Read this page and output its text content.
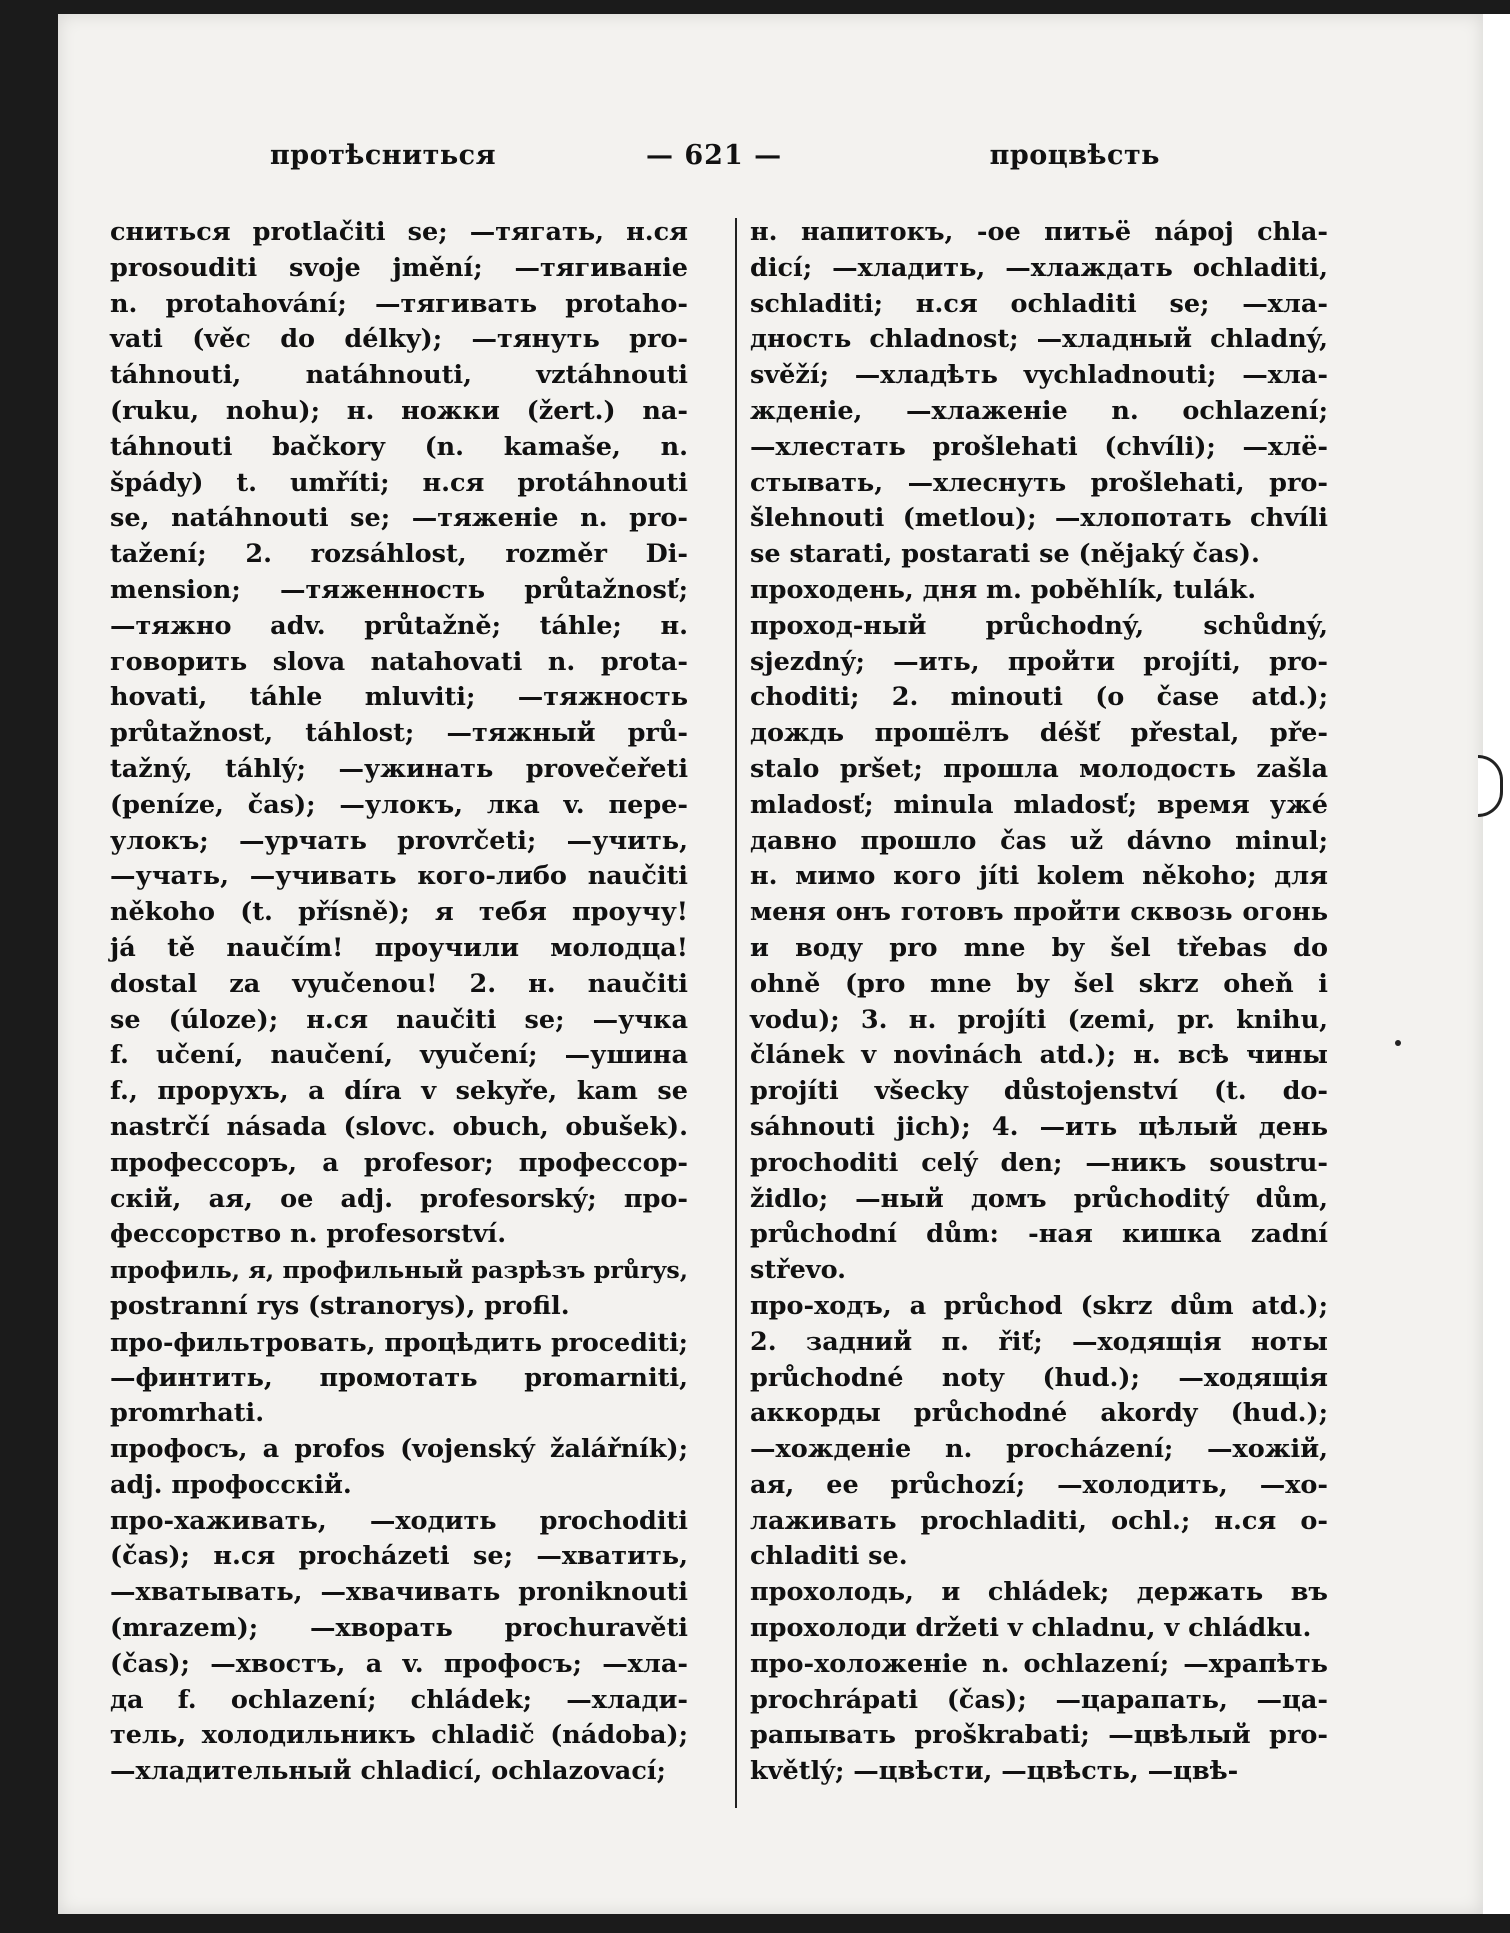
протѣсниться	— 621 —	процвѣсть
сниться protlačiti se; —тягать, н.ся
prosouditi svoje jmění; —тягиванiе
n. protahování; —тягивать protaho-
vati (věc do délky); —тянуть pro-
táhnouti, natáhnouti, vztáhnouti
(ruku, nohu); н. ножки (žert.) na-
táhnouti bačkory (n. kamaše, n.
špády) t. umříti; н.ся protáhnouti
se, natáhnouti se; —тяженiе n. pro-
tažení; 2. rozsáhlost, rozměr Di-
mension; —тяженность průtažnosť;
—тяжно adv. průtažně; táhle; н.
говорить slova natahovati n. prota-
hovati, táhle mluviti; —тяжность
průtažnost, táhlost; —тяжный prů-
tažný, táhlý; —ужинать provečeřeti
(peníze, čas); —улокъ, лка v. пере-
улокъ; —урчать provrčeti; —учить,
—учать, —учивать кого-либо naučiti
někoho (t. přísně); я тебя проучу!
já tě naučím! проучили молодца!
dostal za vyučenou! 2. н. naučiti
se (úloze); н.ся naučiti se; —учка
f. učení, naučení, vyučení; —ушина
f., прорухъ, a díra v sekyře, kam se
nastrčí násada (slovc. obuch, obušek).
профессоръ, a profesor; профессор-
скiй, ая, ое adj. profesorský; про-
фессорство n. profesorství.
профиль, я, профильный разрѣзъ průrys,
postranní rys (stranorys), profil.
про-фильтровать, процѣдить procediti;
—финтить, промотать promarniti,
promrhati.
профосъ, a profos (vojenský žalářník);
adj. профосскiй.
про-хаживать, —ходить prochoditi
(čas); н.ся procházeti se; —хватить,
—хватывать, —хвачивать proniknouti
(mrazem); —хворать prochuravěti
(čas); —хвостъ, a v. профосъ; —хла-
да f. ochlazení; chládek; —хлади-
тель, холодильникъ chladič (nádoba);
—хладительный chladicí, ochlazovací;
н. напитокъ, -ое питьё nápoj chla-
dicí; —хладить, —хлаждать ochladiti,
schladiti; н.ся ochladiti se; —хла-
дность chladnost; —хладный chladný,
svěží; —хладѣть vychladnouti; —хла-
жденiе, —хлаженiе n. ochlazení;
—хлестать prošlehati (chvíli); —хлё-
стывать, —хлеснуть prošlehati, pro-
šlehnouti (metlou); —хлопотать chvíli
se starati, postarati se (nějaký čas).
проходень, дня m. poběhlík, tulák.
проход-ный průchodný, schůdný,
sjezdný; —ить, пройти projíti, pro-
choditi; 2. minouti (o čase atd.);
дождь прошёлъ déšť přestal, pře-
stalo pršet; прошла молодость zašla
mladosť; minula mladosť; время ужé
давно прошло čas už dávno minul;
н. мимо кого jíti kolem někoho; для
меня онъ готовъ пройти сквозь огонь
и воду pro mne by šel třebas do
ohně (pro mne by šel skrz oheň i
vodu); 3. н. projíti (zemi, pr. knihu,
článek v novinách atd.); н. всѣ чины
projíti všecky důstojenství (t. do-
sáhnouti jich); 4. —ить цѣлый день
prochoditi celý den; —никъ soustru-
židlo; —ный домъ průchoditý dům,
průchodní dům: -ная кишка zadní
střevo.
про-ходъ, a průchod (skrz dům atd.);
2. задний п. řiť; —ходящiя ноты
průchodné noty (hud.); —ходящiя
аккорды průchodné akordy (hud.);
—хожденiе n. procházení; —хожiй,
ая, ее průchozí; —холодить, —хо-
лаживать prochladiti, ochl.; н.ся o-
chladiti se.
прохолодь, и chládek; держать въ
прохолоди držeti v chladnu, v chládku.
про-холоженiе n. ochlazení; —храпѣть
prochrápati (čas); —царапать, —ца-
рапывать proškrabati; —цвѣлый pro-
květlý; —цвѣсти, —цвѣсть, —цвѣ-
